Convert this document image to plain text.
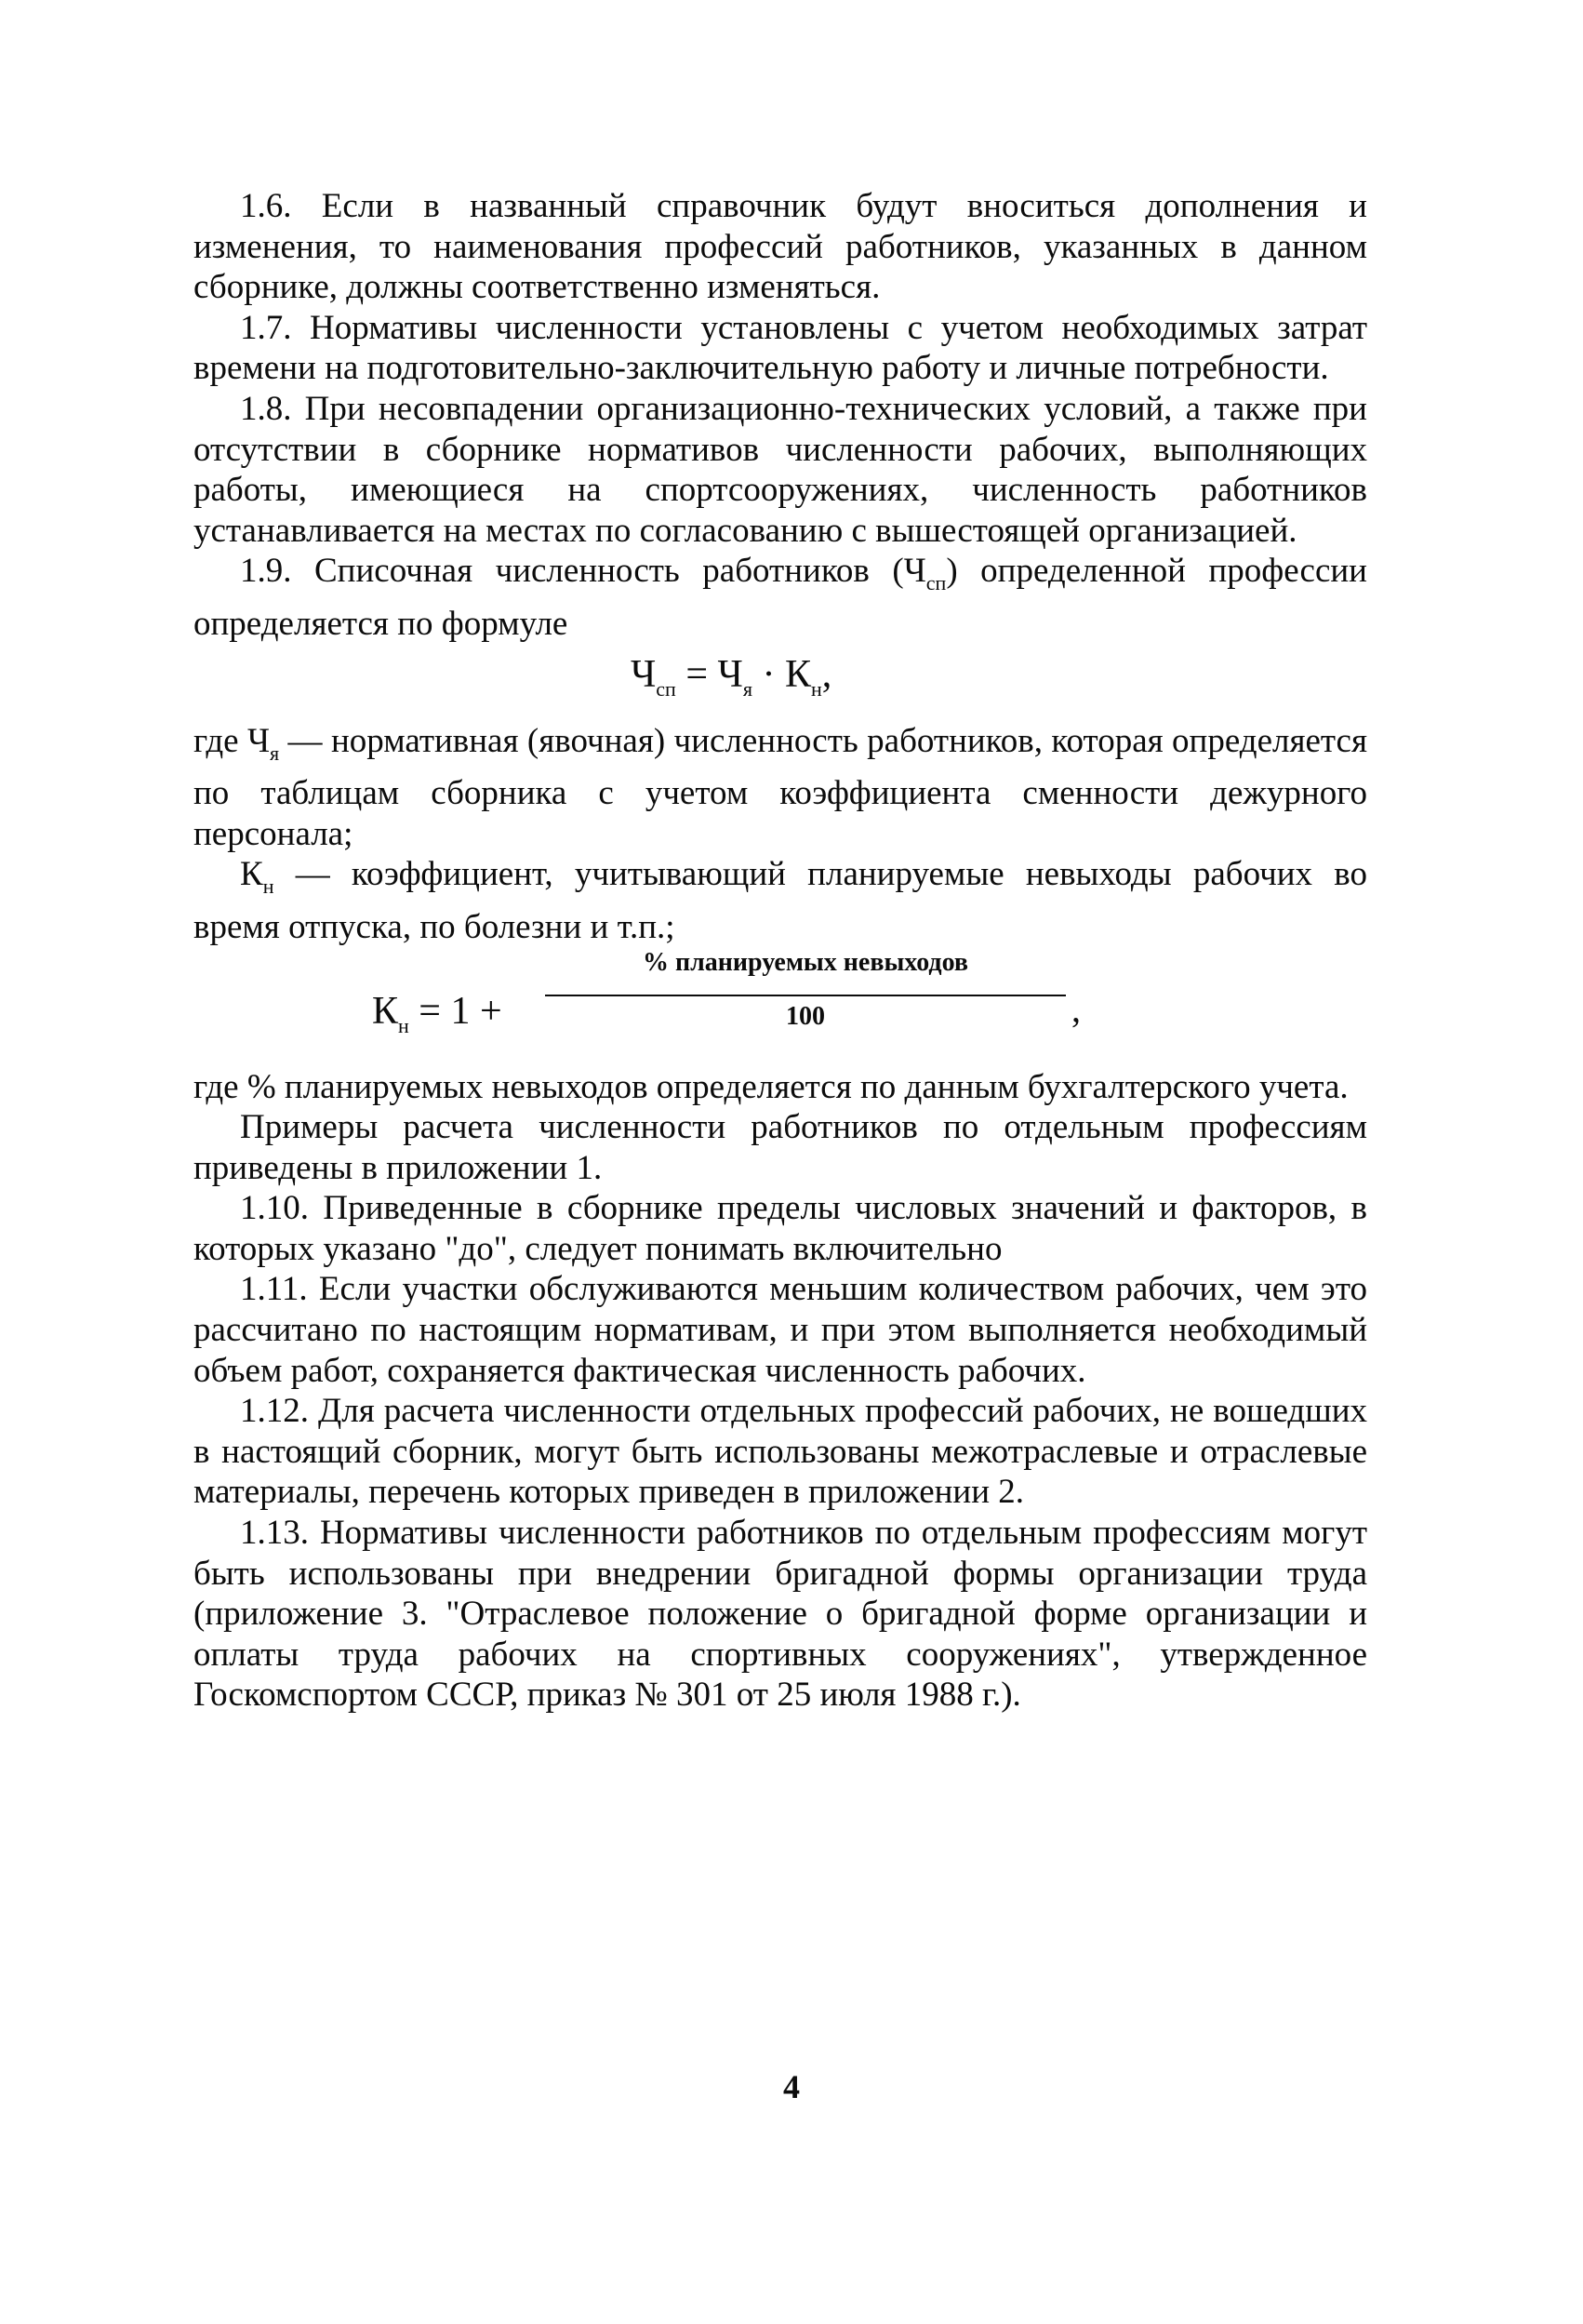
1.6. Если в названный справочник будут вноситься дополнения и изменения, то наименования профессий работников, указанных в данном сборнике, должны соответственно изменяться.

1.7. Нормативы численности установлены с учетом необходимых затрат времени на подготовительно-заключительную работу и личные потребности.

1.8. При несовпадении организационно-технических условий, а также при отсутствии в сборнике нормативов численности рабочих, выполняющих работы, имеющиеся на спортсооружениях, численность работников устанавливается на местах по согласованию с вышестоящей организацией.

1.9. Списочная численность работников $(Ч_{сп})$ определенной профессии определяется по формуле

$Ч_{сп} = Ч_я \cdot К_н$,

где $Ч_я$ — нормативная (явочная) численность работников, которая определяется по таблицам сборника с учетом коэффициента сменности дежурного персонала;

$К_н$ — коэффициент, учитывающий планируемые невыходы рабочих во время отпуска, по болезни и т.п.;

$К_н = 1$ +
% планируемых невыходов
100	,

где % планируемых невыходов определяется по данным бухгалтерского учета.

Примеры расчета численности работников по отдельным профессиям приведены в приложении 1.

1.10. Приведенные в сборнике пределы числовых значений и факторов, в которых указано "до", следует понимать включительно

1.11. Если участки обслуживаются меньшим количеством рабочих, чем это рассчитано по настоящим нормативам, и при этом выполняется необходимый объем работ, сохраняется фактическая численность рабочих.

1.12. Для расчета численности отдельных профессий рабочих, не вошедших в настоящий сборник, могут быть использованы межотраслевые и отраслевые материалы, перечень которых приведен в приложении 2.

1.13. Нормативы численности работников по отдельным профессиям могут быть использованы при внедрении бригадной формы организации труда (приложение 3. "Отраслевое положение о бригадной форме организации и оплаты труда рабочих на спортивных сооружениях", утвержденное Госкомспортом СССР, приказ № 301 от 25 июля 1988 г.).

4
